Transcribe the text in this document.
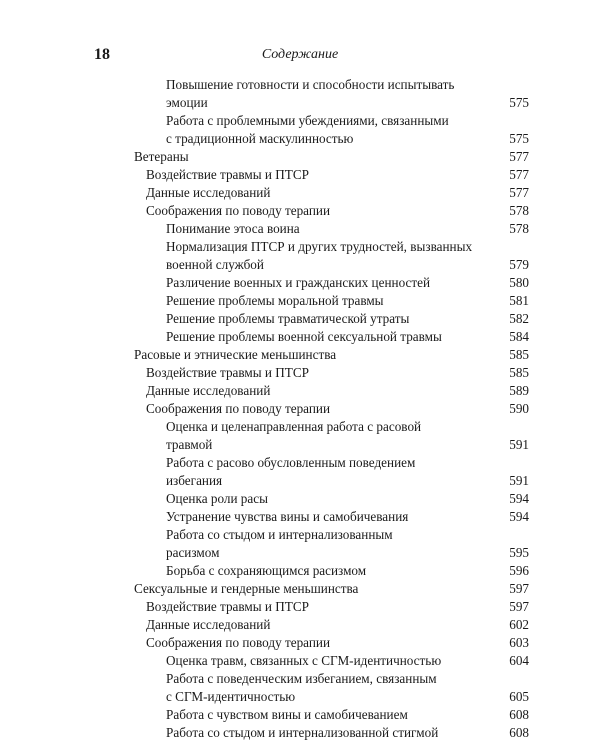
18	Содержание
Повышение готовности и способности испытывать
эмоции	575
Работа с проблемными убеждениями, связанными
с традиционной маскулинностью	575
Ветераны	577
Воздействие травмы и ПТСР	577
Данные исследований	577
Соображения по поводу терапии	578
Понимание этоса воина	578
Нормализация ПТСР и других трудностей, вызванных
военной службой	579
Различение военных и гражданских ценностей	580
Решение проблемы моральной травмы	581
Решение проблемы травматической утраты	582
Решение проблемы военной сексуальной травмы	584
Расовые и этнические меньшинства	585
Воздействие травмы и ПТСР	585
Данные исследований	589
Соображения по поводу терапии	590
Оценка и целенаправленная работа с расовой
травмой	591
Работа с расово обусловленным поведением
избегания	591
Оценка роли расы	594
Устранение чувства вины и самобичевания	594
Работа со стыдом и интернализованным
расизмом	595
Борьба с сохраняющимся расизмом	596
Сексуальные и гендерные меньшинства	597
Воздействие травмы и ПТСР	597
Данные исследований	602
Соображения по поводу терапии	603
Оценка травм, связанных с СГМ-идентичностью	604
Работа с поведенческим избеганием, связанным
с СГМ-идентичностью	605
Работа с чувством вины и самобичеванием	608
Работа со стыдом и интернализованной стигмой	608
